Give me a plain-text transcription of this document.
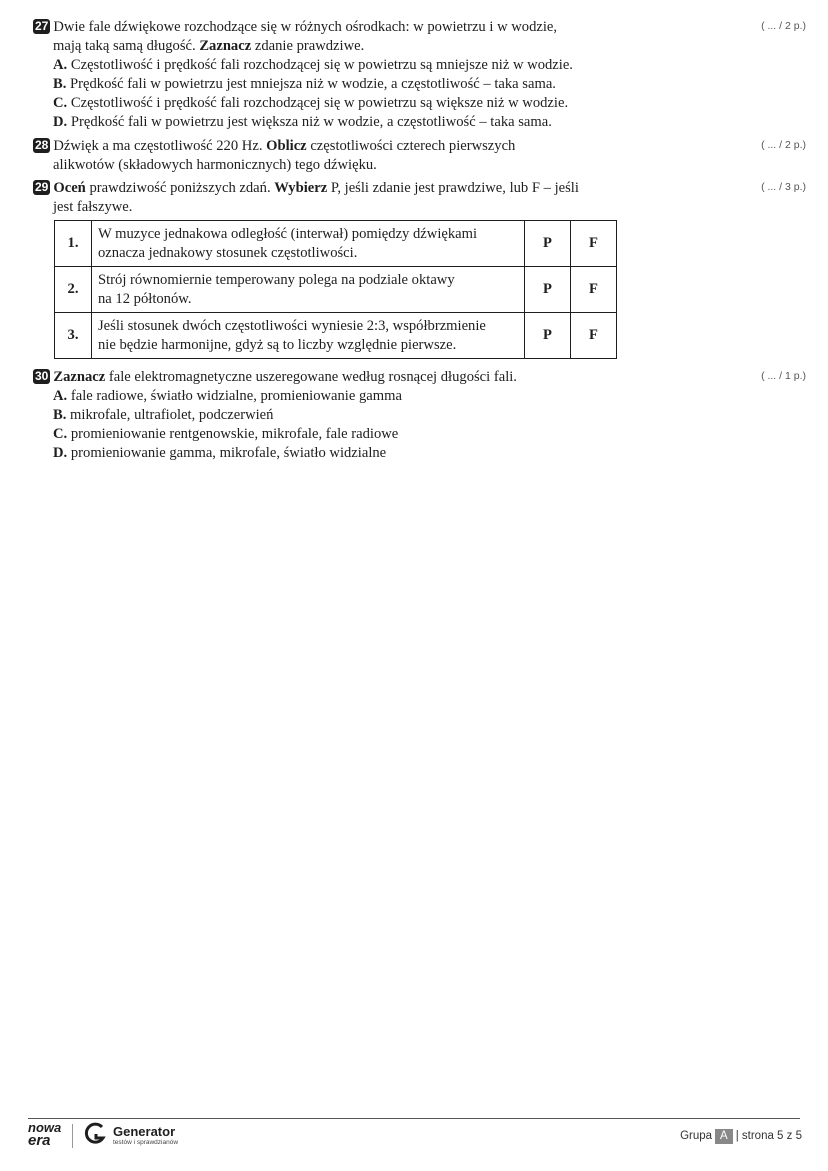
27 Dwie fale dźwiękowe rozchodzące się w różnych ośrodkach: w powietrzu i w wodzie,
mają taką samą długość. Zaznacz zdanie prawdziwe.
A. Częstotliwość i prędkość fali rozchodzącej się w powietrzu są mniejsze niż w wodzie.
B. Prędkość fali w powietrzu jest mniejsza niż w wodzie, a częstotliwość – taka sama.
C. Częstotliwość i prędkość fali rozchodzącej się w powietrzu są większe niż w wodzie.
D. Prędkość fali w powietrzu jest większa niż w wodzie, a częstotliwość – taka sama.
( ... / 2 p.)
28 Dźwięk a ma częstotliwość 220 Hz. Oblicz częstotliwości czterech pierwszych
alikwotów (składowych harmonicznych) tego dźwięku.
( ... / 2 p.)
29 Oceń prawdziwość poniższych zdań. Wybierz P, jeśli zdanie jest prawdziwe, lub F – jeśli
jest fałszywe.
( ... / 3 p.)
1.	W muzyce jednakowa odległość (interwał) pomiędzy dźwiękami
oznacza jednakowy stosunek częstotliwości.	P	F
2.	Strój równomiernie temperowany polega na podziale oktawy
na 12 półtonów.	P	F
3.	Jeśli stosunek dwóch częstotliwości wyniesie 2:3, współbrzmienie
nie będzie harmonijne, gdyż są to liczby względnie pierwsze.	P	F
30 Zaznacz fale elektromagnetyczne uszeregowane według rosnącej długości fali.
A. fale radiowe, światło widzialne, promieniowanie gamma
B. mikrofale, ultrafiolet, podczerwień
C. promieniowanie rentgenowskie, mikrofale, fale radiowe
D. promieniowanie gamma, mikrofale, światło widzialne
( ... / 1 p.)
nowa
era
Generator
testów i sprawdzianów
Grupa A | strona 5 z 5
